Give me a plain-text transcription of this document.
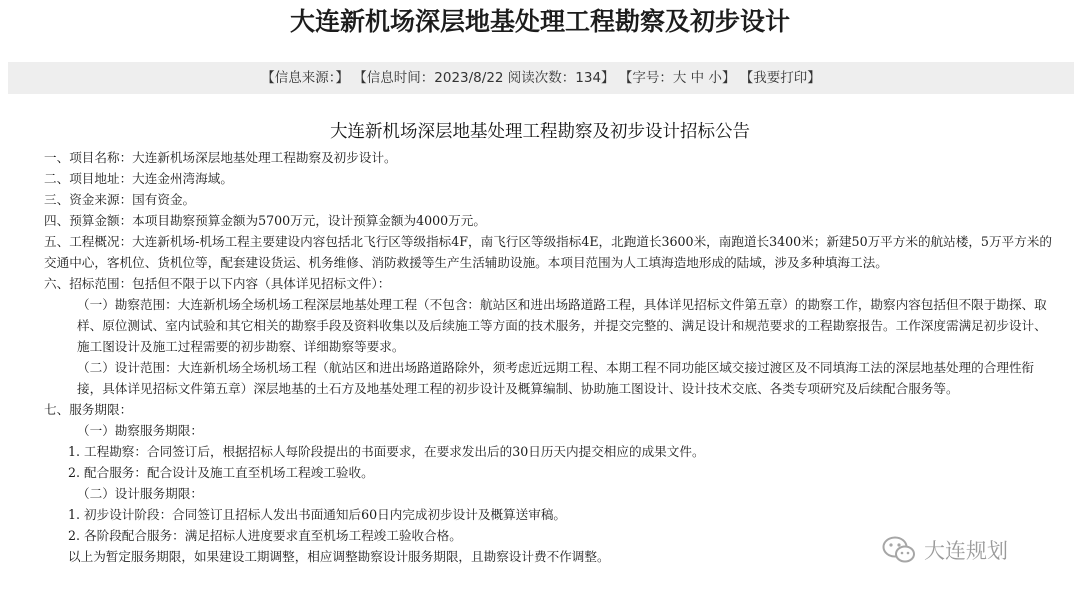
大连新机场深层地基处理工程勘察及初步设计
【信息来源：】 【信息时间：2023/8/22 阅读次数：134】 【字号：大 中 小】 【我要打印】
大连新机场深层地基处理工程勘察及初步设计招标公告

一、项目名称：大连新机场深层地基处理工程勘察及初步设计。

二、项目地址：大连金州湾海域。

三、资金来源：国有资金。

四、预算金额：本项目勘察预算金额为5700万元，设计预算金额为4000万元。

五、工程概况：大连新机场-机场工程主要建设内容包括北飞行区等级指标4F，南飞行区等级指标4E，北跑道长3600米，南跑道长3400米；新建50万平方米的航站楼，5万平方米的交通中心，客机位、货机位等，配套建设货运、机务维修、消防救援等生产生活辅助设施。本项目范围为人工填海造地形成的陆域，涉及多种填海工法。

六、招标范围：包括但不限于以下内容（具体详见招标文件）：

（一）勘察范围：大连新机场全场机场工程深层地基处理工程（不包含：航站区和进出场路道路工程，具体详见招标文件第五章）的勘察工作，勘察内容包括但不限于勘探、取样、原位测试、室内试验和其它相关的勘察手段及资料收集以及后续施工等方面的技术服务，并提交完整的、满足设计和规范要求的工程勘察报告。工作深度需满足初步设计、施工图设计及施工过程需要的初步勘察、详细勘察等要求。

（二）设计范围：大连新机场全场机场工程（航站区和进出场路道路除外，须考虑近远期工程、本期工程不同功能区域交接过渡区及不同填海工法的深层地基处理的合理性衔接，具体详见招标文件第五章）深层地基的土石方及地基处理工程的初步设计及概算编制、协助施工图设计、设计技术交底、各类专项研究及后续配合服务等。

七、服务期限：

（一）勘察服务期限：

1. 工程勘察：合同签订后，根据招标人每阶段提出的书面要求，在要求发出后的30日历天内提交相应的成果文件。

2. 配合服务：配合设计及施工直至机场工程竣工验收。

（二）设计服务期限：

1. 初步设计阶段：合同签订且招标人发出书面通知后60日内完成初步设计及概算送审稿。

2. 各阶段配合服务：满足招标人进度要求直至机场工程竣工验收合格。

以上为暂定服务期限，如果建设工期调整，相应调整勘察设计服务期限，且勘察设计费不作调整。	大连规划
